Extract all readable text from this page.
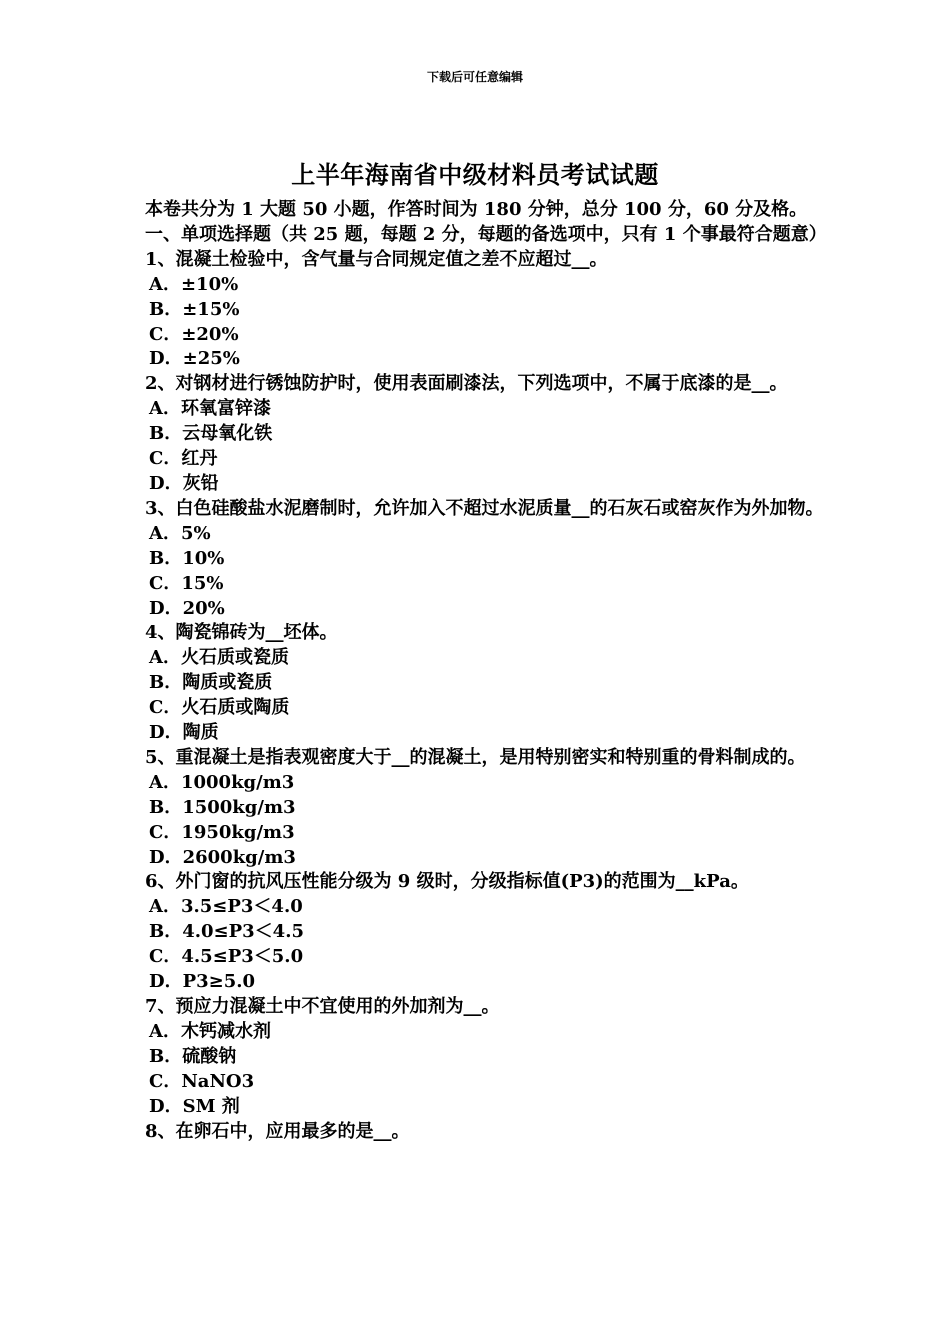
下载后可任意编辑
上半年海南省中级材料员考试试题

本卷共分为 1 大题 50 小题，作答时间为 180 分钟，总分 100 分，60 分及格。

一、单项选择题（共 25 题，每题 2 分，每题的备选项中，只有 1 个事最符合题意）

1、混凝土检验中，含气量与合同规定值之差不应超过__。

A．±10%

B．±15%

C．±20%

D．±25%

2、对钢材进行锈蚀防护时，使用表面刷漆法，下列选项中，不属于底漆的是__。

A．环氧富锌漆

B．云母氧化铁

C．红丹

D．灰铅

3、白色硅酸盐水泥磨制时，允许加入不超过水泥质量__的石灰石或窑灰作为外加物。

A．5%

B．10%

C．15%

D．20%

4、陶瓷锦砖为__坯体。

A．火石质或瓷质

B．陶质或瓷质

C．火石质或陶质

D．陶质

5、重混凝土是指表观密度大于__的混凝土，是用特别密实和特别重的骨料制成的。

A．1000kg/m3

B．1500kg/m3

C．1950kg/m3

D．2600kg/m3

6、外门窗的抗风压性能分级为 9 级时，分级指标值(P3)的范围为__kPa。

A．3.5≤P3＜4.0

B．4.0≤P3＜4.5

C．4.5≤P3＜5.0

D．P3≥5.0

7、预应力混凝土中不宜使用的外加剂为__。

A．木钙减水剂

B．硫酸钠

C．NaNO3

D．SM 剂

8、在卵石中，应用最多的是__。
